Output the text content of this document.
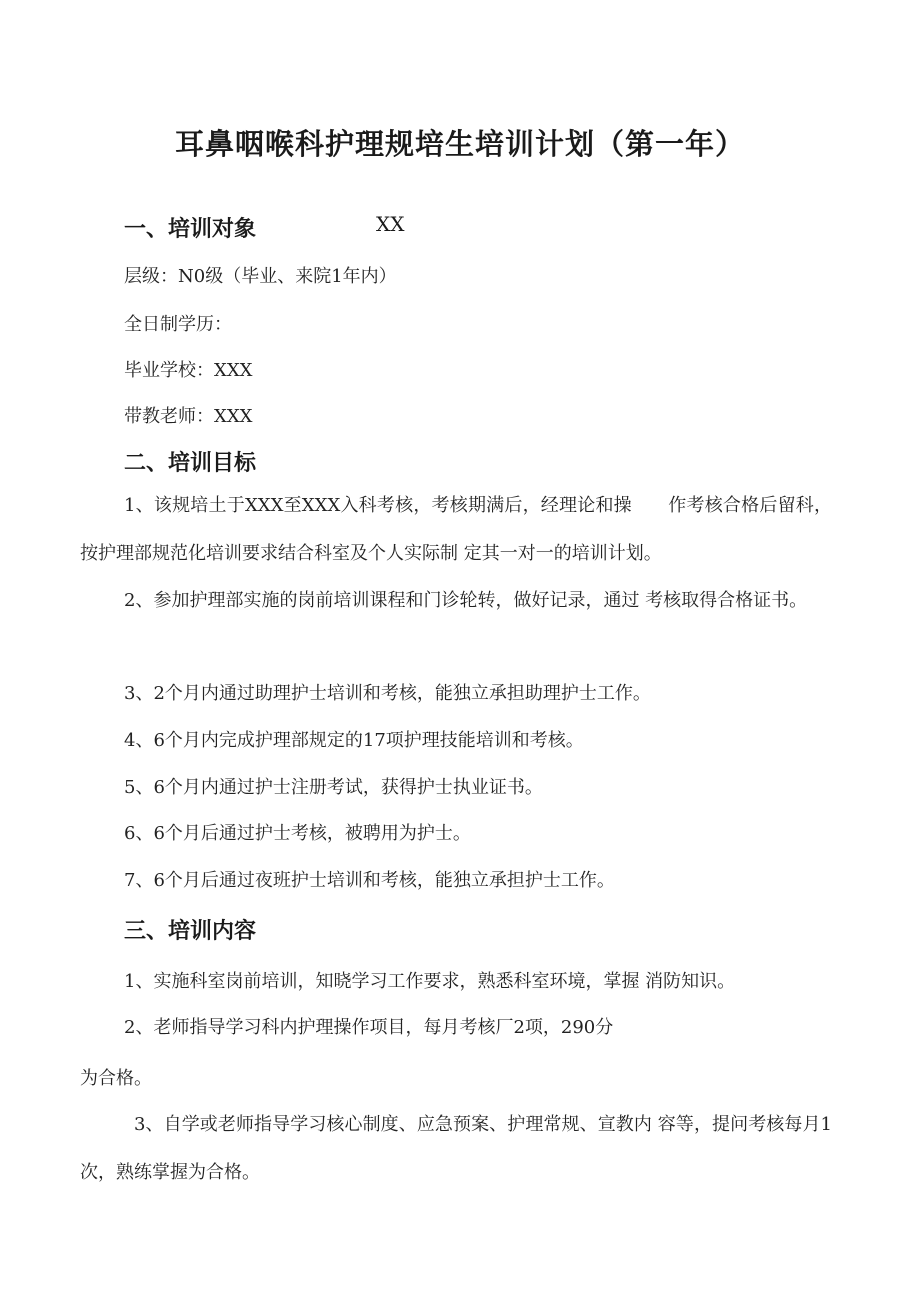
耳鼻咽喉科护理规培生培训计划（第一年）
一、培训对象	XX

层级：N0级（毕业、来院1年内）

全日制学历：

毕业学校：XXX

带教老师：XXX

二、培训目标

1、该规培土于XXX至XXX入科考核，考核期满后，经理论和操　　作考核合格后留科，按护理部规范化培训要求结合科室及个人实际制 定其一对一的培训计划。

2、参加护理部实施的岗前培训课程和门诊轮转，做好记录，通过 考核取得合格证书。

3、2个月内通过助理护士培训和考核，能独立承担助理护士工作。

4、6个月内完成护理部规定的17项护理技能培训和考核。

5、6个月内通过护士注册考试，获得护士执业证书。

6、6个月后通过护士考核，被聘用为护士。

7、6个月后通过夜班护士培训和考核，能独立承担护士工作。

三、培训内容

1、实施科室岗前培训，知晓学习工作要求，熟悉科室环境，掌握 消防知识。

2、老师指导学习科内护理操作项目，每月考核厂2项，290分

为合格。

3、自学或老师指导学习核心制度、应急预案、护理常规、宣教内 容等，提问考核每月1次，熟练掌握为合格。
